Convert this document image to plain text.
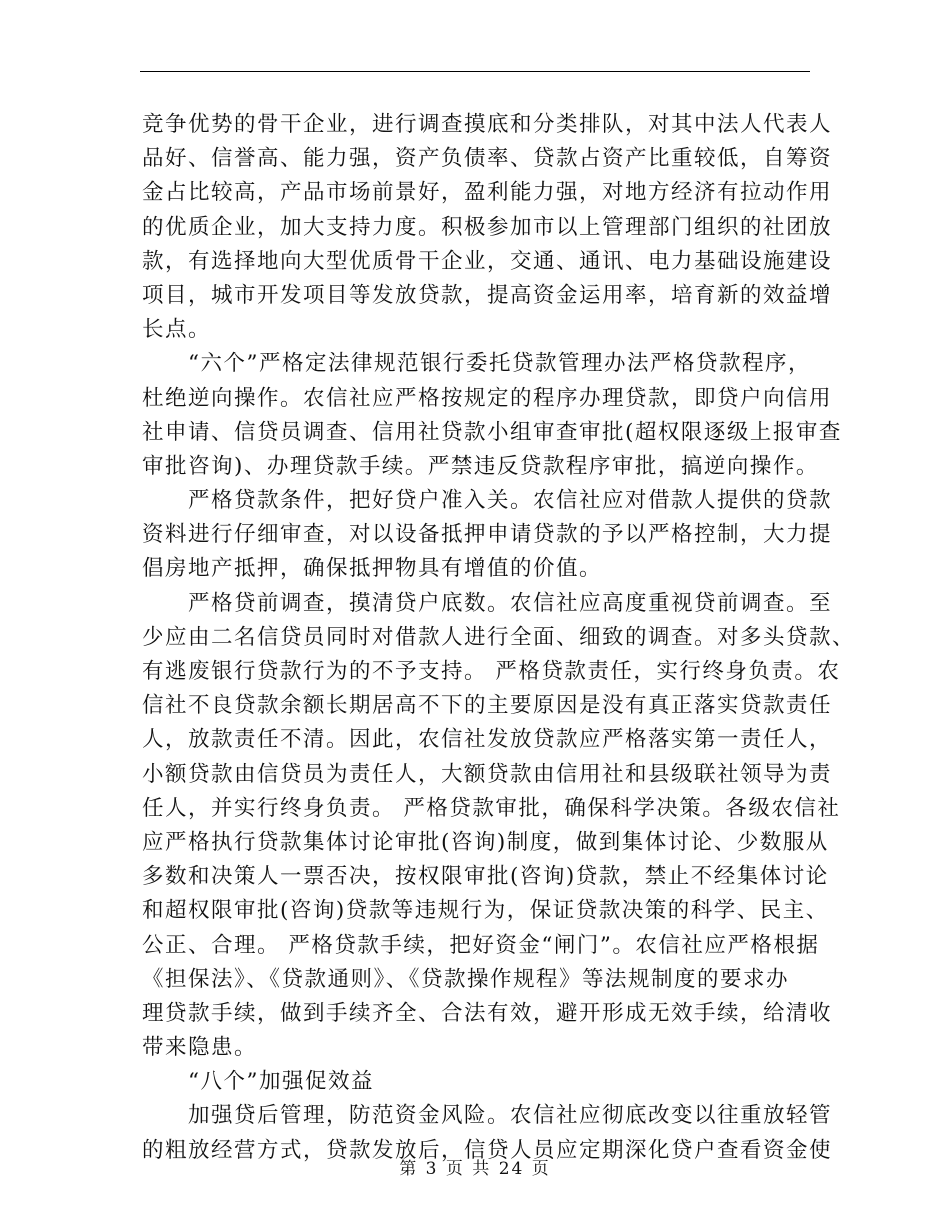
竞争优势的骨干企业，进行调查摸底和分类排队，对其中法人代表人
品好、信誉高、能力强，资产负债率、贷款占资产比重较低，自筹资
金占比较高，产品市场前景好，盈利能力强，对地方经济有拉动作用
的优质企业，加大支持力度。积极参加市以上管理部门组织的社团放
款，有选择地向大型优质骨干企业，交通、通讯、电力基础设施建设
项目，城市开发项目等发放贷款，提高资金运用率，培育新的效益增
长点。
　　“六个”严格定法律规范银行委托贷款管理办法严格贷款程序，
杜绝逆向操作。农信社应严格按规定的程序办理贷款，即贷户向信用
社申请、信贷员调查、信用社贷款小组审查审批(超权限逐级上报审查
审批咨询)、办理贷款手续。严禁违反贷款程序审批，搞逆向操作。
　　严格贷款条件，把好贷户准入关。农信社应对借款人提供的贷款
资料进行仔细审查，对以设备抵押申请贷款的予以严格控制，大力提
倡房地产抵押，确保抵押物具有增值的价值。
　　严格贷前调查，摸清贷户底数。农信社应高度重视贷前调查。至
少应由二名信贷员同时对借款人进行全面、细致的调查。对多头贷款、
有逃废银行贷款行为的不予支持。 严格贷款责任，实行终身负责。农
信社不良贷款余额长期居高不下的主要原因是没有真正落实贷款责任
人，放款责任不清。因此，农信社发放贷款应严格落实第一责任人，
小额贷款由信贷员为责任人，大额贷款由信用社和县级联社领导为责
任人，并实行终身负责。 严格贷款审批，确保科学决策。各级农信社
应严格执行贷款集体讨论审批(咨询)制度，做到集体讨论、少数服从
多数和决策人一票否决，按权限审批(咨询)贷款，禁止不经集体讨论
和超权限审批(咨询)贷款等违规行为，保证贷款决策的科学、民主、
公正、合理。 严格贷款手续，把好资金“闸门”。农信社应严格根据
《担保法》、《贷款通则》、《贷款操作规程》等法规制度的要求办
理贷款手续，做到手续齐全、合法有效，避开形成无效手续，给清收
带来隐患。
　　“八个”加强促效益
　　加强贷后管理，防范资金风险。农信社应彻底改变以往重放轻管
的粗放经营方式，贷款发放后，信贷人员应定期深化贷户查看资金使
第 3 页 共 24 页
